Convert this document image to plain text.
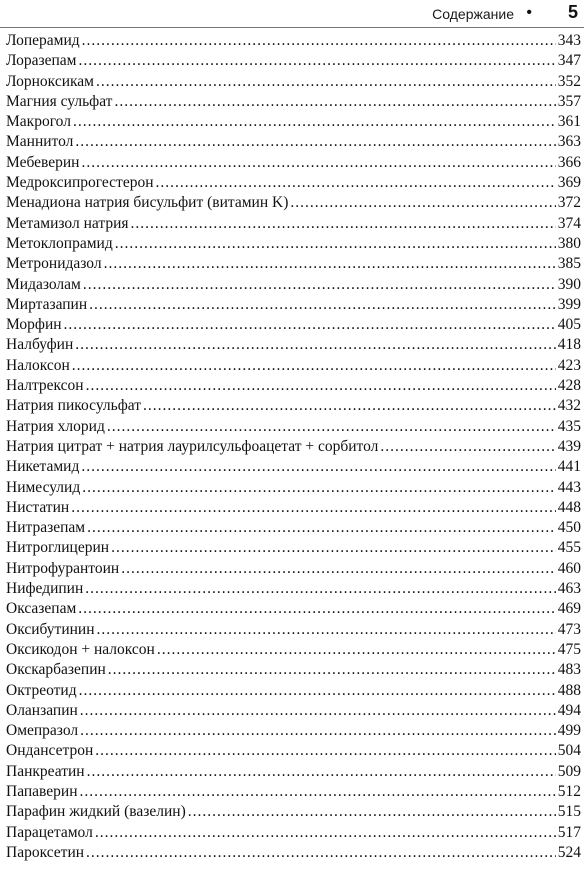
Содержание • 5
Лоперамид .....	343
Лоразепам .....	347
Лорноксикам .....	352
Магния сульфат .....	357
Макрогол .....	361
Маннитол .....	363
Мебеверин .....	366
Медроксипрогестерон .....	369
Менадиона натрия бисульфит (витамин K) .....	372
Метамизол натрия .....	374
Метоклопрамид .....	380
Метронидазол .....	385
Мидазолам .....	390
Миртазапин .....	399
Морфин .....	405
Налбуфин .....	418
Налоксон .....	423
Налтрексон .....	428
Натрия пикосульфат .....	432
Натрия хлорид .....	435
Натрия цитрат + натрия лаурилсульфоацетат + сорбитол .....	439
Никетамид .....	441
Нимесулид .....	443
Нистатин .....	448
Нитразепам .....	450
Нитроглицерин .....	455
Нитрофурантоин .....	460
Нифедипин .....	463
Оксазепам .....	469
Оксибутинин .....	473
Оксикодон + налоксон .....	475
Окскарбазепин .....	483
Октреотид .....	488
Оланзапин .....	494
Омепразол .....	499
Ондансетрон .....	504
Панкреатин .....	509
Папаверин .....	512
Парафин жидкий (вазелин) .....	515
Парацетамол .....	517
Пароксетин .....	524
